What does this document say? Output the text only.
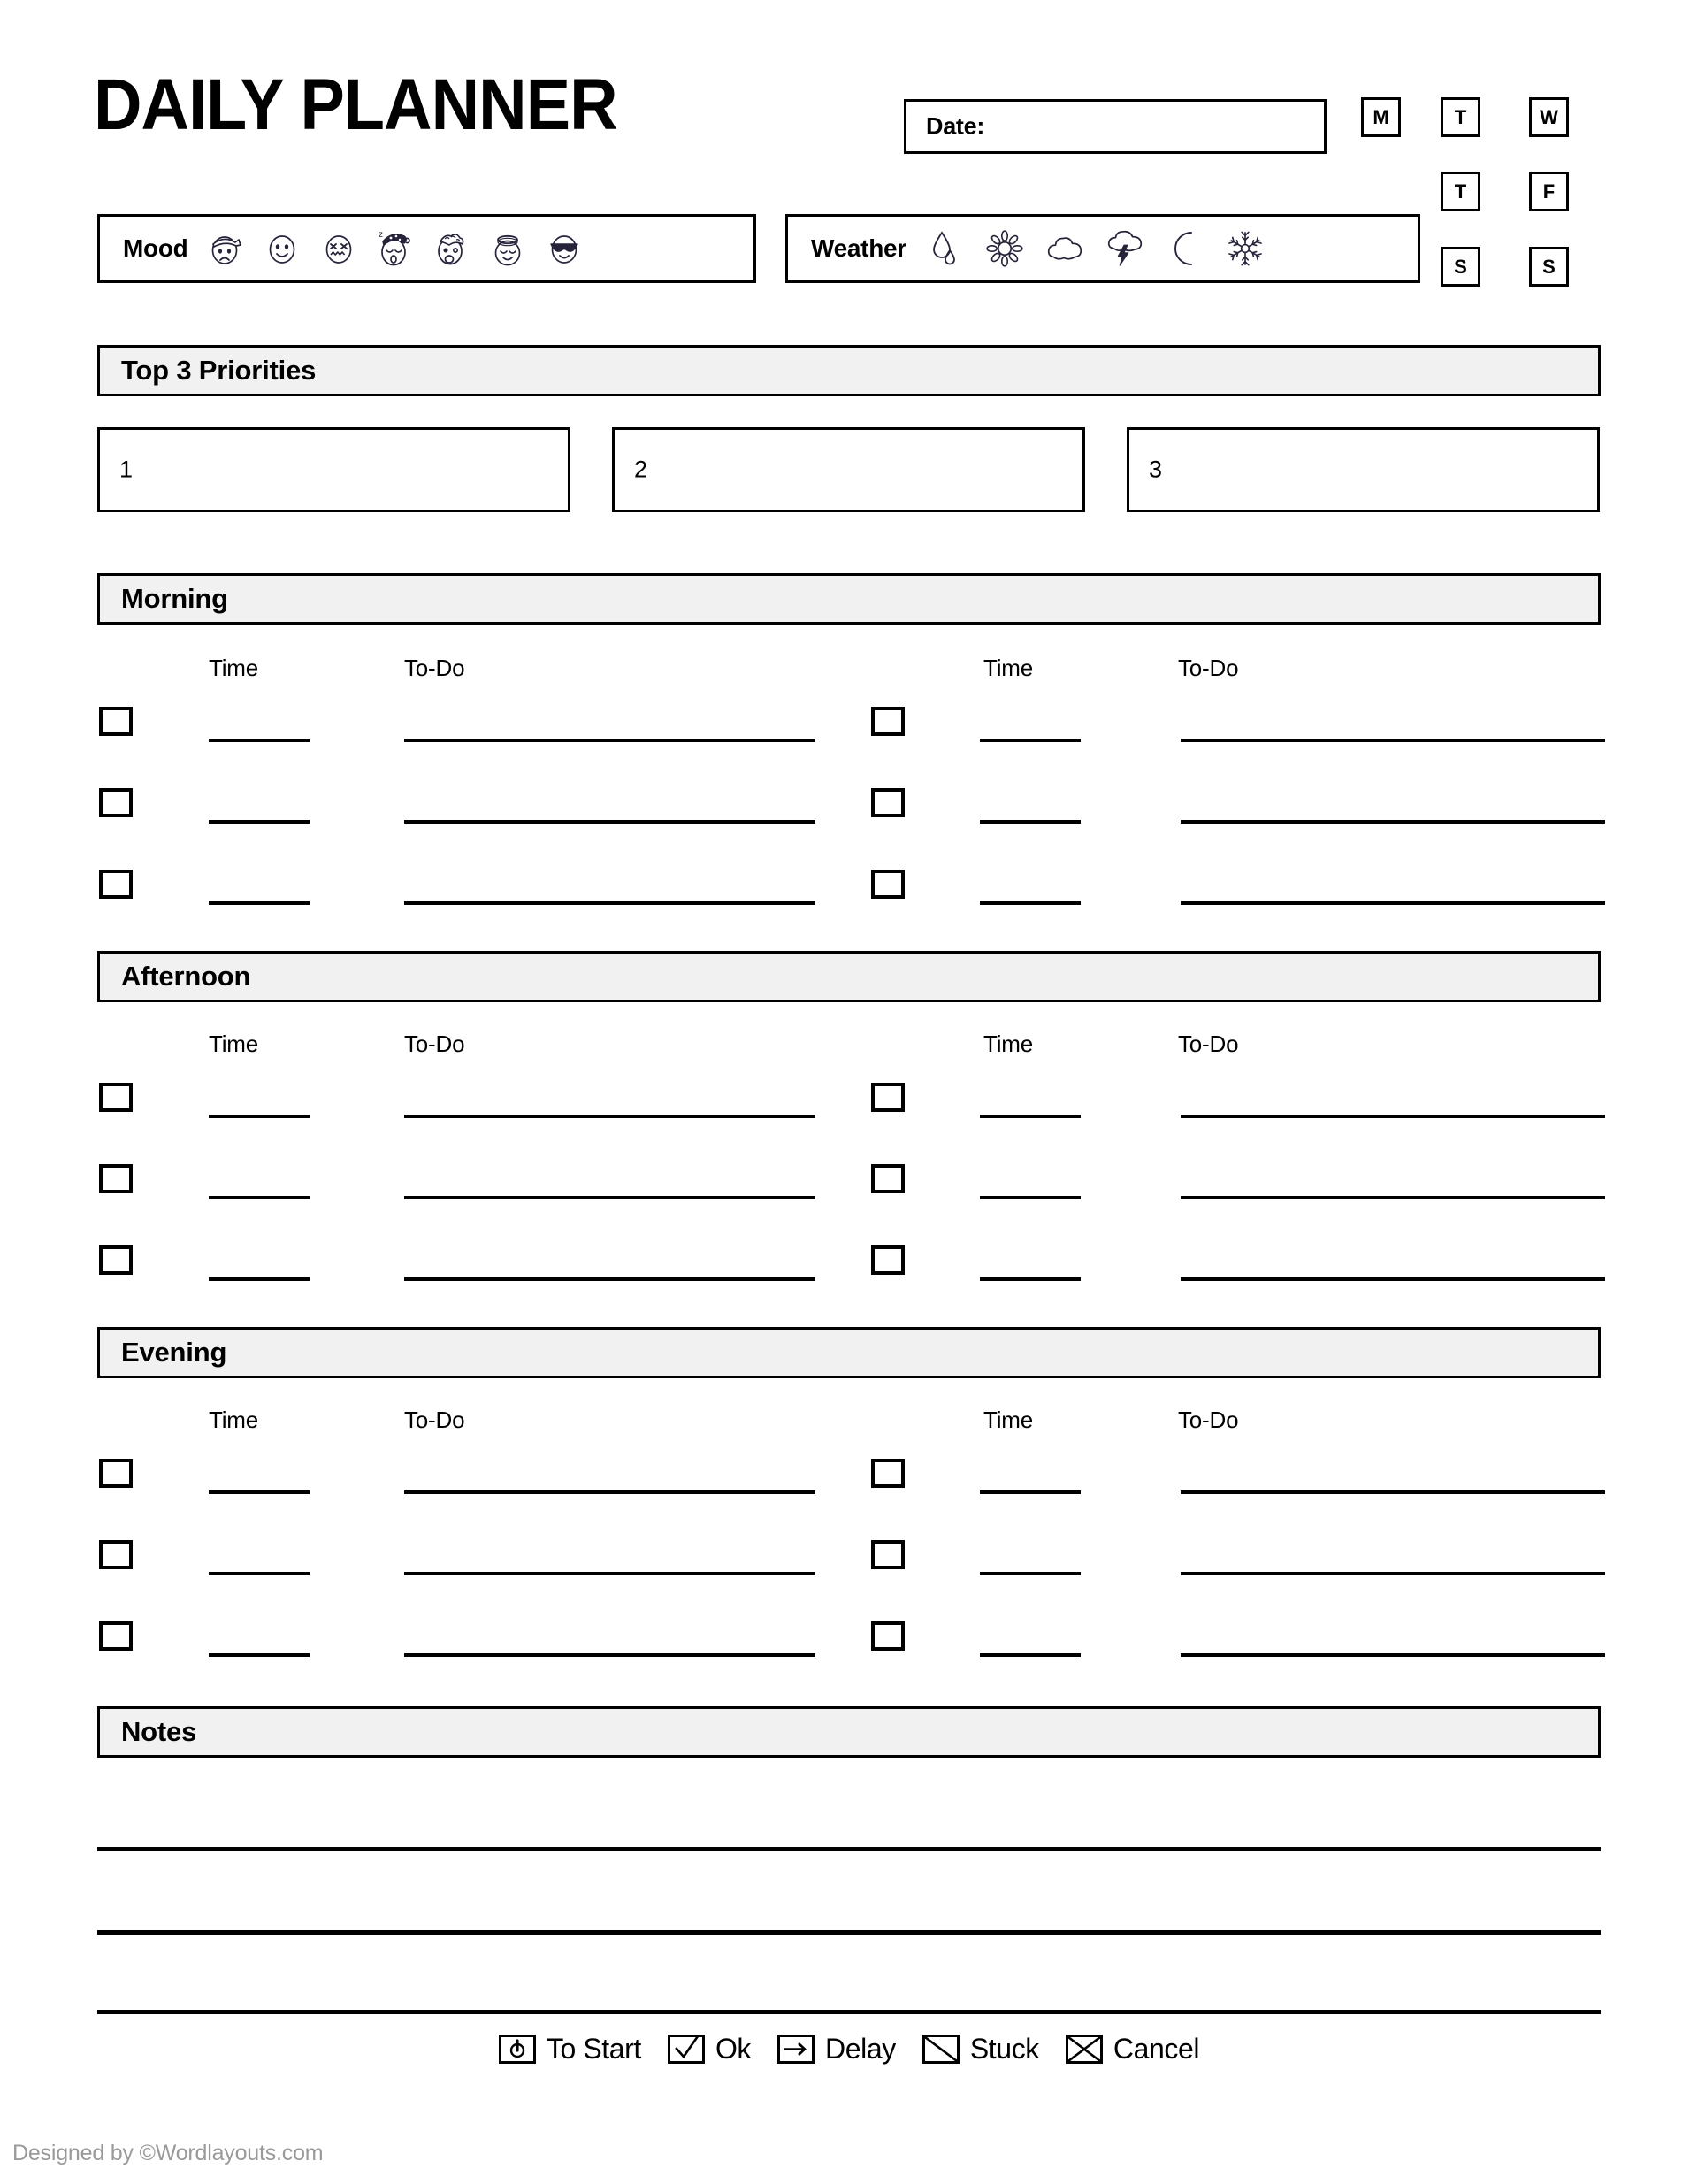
DAILY PLANNER	Date:	M	T	W
T	F
S	S
Mood	z	Weather
Top 3 Priorities
1	2	3
Morning
Time	To-Do	Time	To-Do
Afternoon
Time	To-Do	Time	To-Do
Evening
Time	To-Do	Time	To-Do
Notes
To Start	Ok	Delay	Stuck	Cancel
Designed by ©Wordlayouts.com
